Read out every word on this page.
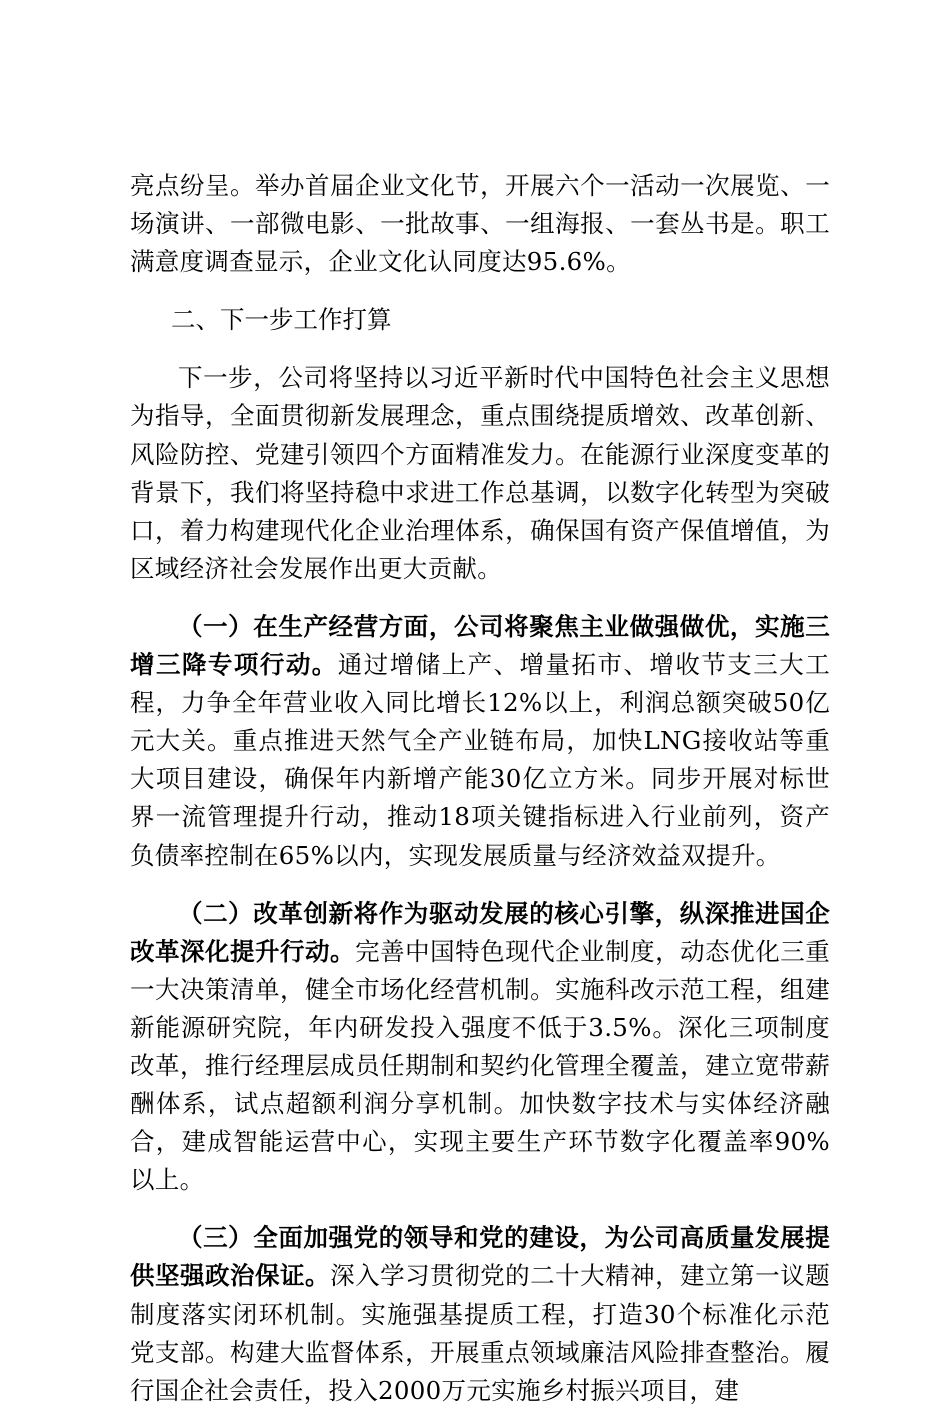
亮点纷呈。举办首届企业文化节，开展六个一活动一次展览、一场演讲、一部微电影、一批故事、一组海报、一套丛书是。职工满意度调查显示，企业文化认同度达95.6%。

二、下一步工作打算

下一步，公司将坚持以习近平新时代中国特色社会主义思想为指导，全面贯彻新发展理念，重点围绕提质增效、改革创新、风险防控、党建引领四个方面精准发力。在能源行业深度变革的背景下，我们将坚持稳中求进工作总基调，以数字化转型为突破口，着力构建现代化企业治理体系，确保国有资产保值增值，为区域经济社会发展作出更大贡献。

（一）在生产经营方面，公司将聚焦主业做强做优，实施三增三降专项行动。通过增储上产、增量拓市、增收节支三大工程，力争全年营业收入同比增长12%以上，利润总额突破50亿元大关。重点推进天然气全产业链布局，加快LNG接收站等重大项目建设，确保年内新增产能30亿立方米。同步开展对标世界一流管理提升行动，推动18项关键指标进入行业前列，资产负债率控制在65%以内，实现发展质量与经济效益双提升。

（二）改革创新将作为驱动发展的核心引擎，纵深推进国企改革深化提升行动。完善中国特色现代企业制度，动态优化三重一大决策清单，健全市场化经营机制。实施科改示范工程，组建新能源研究院，年内研发投入强度不低于3.5%。深化三项制度改革，推行经理层成员任期制和契约化管理全覆盖，建立宽带薪酬体系，试点超额利润分享机制。加快数字技术与实体经济融合，建成智能运营中心，实现主要生产环节数字化覆盖率90%以上。

（三）全面加强党的领导和党的建设，为公司高质量发展提供坚强政治保证。深入学习贯彻党的二十大精神，建立第一议题制度落实闭环机制。实施强基提质工程，打造30个标准化示范党支部。构建大监督体系，开展重点领域廉洁风险排查整治。履行国企社会责任，投入2000万元实施乡村振兴项目，建
